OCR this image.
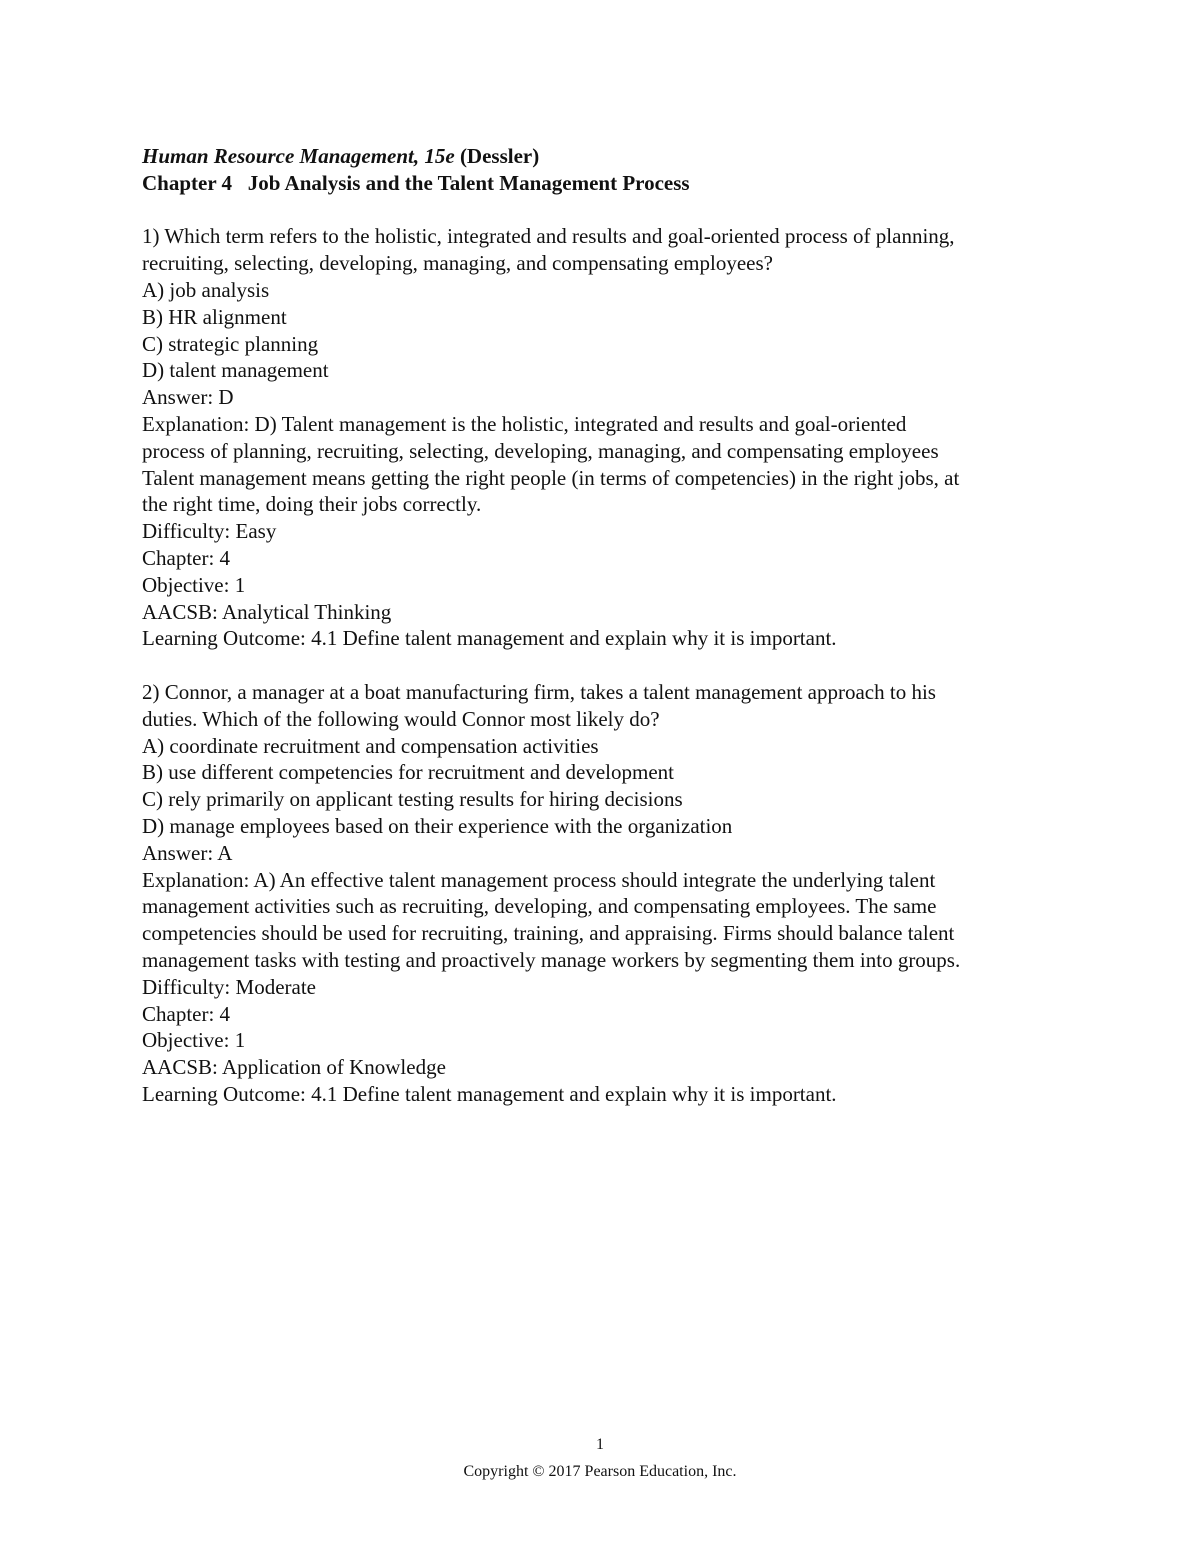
Human Resource Management, 15e (Dessler)
Chapter 4 Job Analysis and the Talent Management Process
1) Which term refers to the holistic, integrated and results and goal-oriented process of planning,
recruiting, selecting, developing, managing, and compensating employees?
A) job analysis
B) HR alignment
C) strategic planning
D) talent management
Answer: D
Explanation: D) Talent management is the holistic, integrated and results and goal-oriented
process of planning, recruiting, selecting, developing, managing, and compensating employees
Talent management means getting the right people (in terms of competencies) in the right jobs, at
the right time, doing their jobs correctly.
Difficulty: Easy
Chapter: 4
Objective: 1
AACSB: Analytical Thinking
Learning Outcome: 4.1 Define talent management and explain why it is important.
2) Connor, a manager at a boat manufacturing firm, takes a talent management approach to his
duties. Which of the following would Connor most likely do?
A) coordinate recruitment and compensation activities
B) use different competencies for recruitment and development
C) rely primarily on applicant testing results for hiring decisions
D) manage employees based on their experience with the organization
Answer: A
Explanation: A) An effective talent management process should integrate the underlying talent
management activities such as recruiting, developing, and compensating employees. The same
competencies should be used for recruiting, training, and appraising. Firms should balance talent
management tasks with testing and proactively manage workers by segmenting them into groups.
Difficulty: Moderate
Chapter: 4
Objective: 1
AACSB: Application of Knowledge
Learning Outcome: 4.1 Define talent management and explain why it is important.
1
Copyright © 2017 Pearson Education, Inc.
